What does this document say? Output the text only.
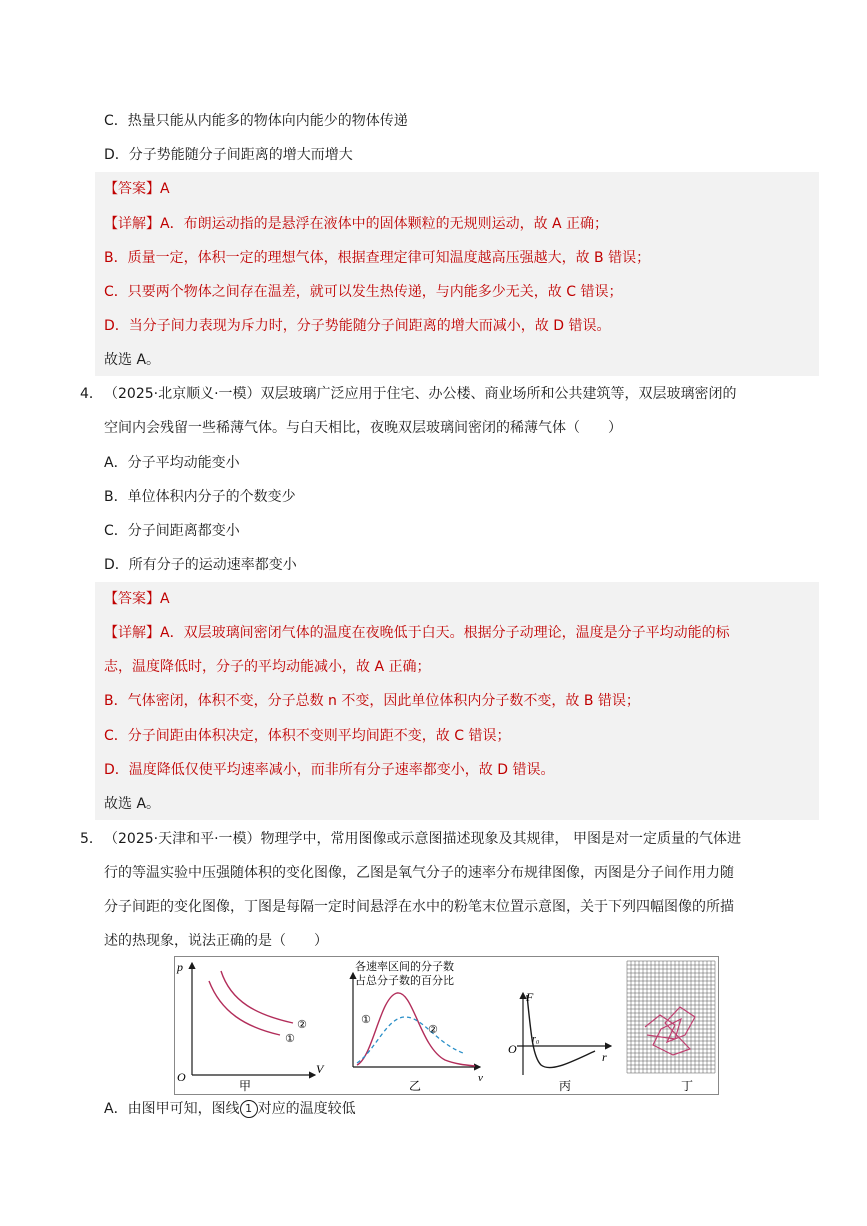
C．热量只能从内能多的物体向内能少的物体传递
D．分子势能随分子间距离的增大而增大
【答案】A
【详解】A．布朗运动指的是悬浮在液体中的固体颗粒的无规则运动，故 A 正确；
B．质量一定，体积一定的理想气体，根据查理定律可知温度越高压强越大，故 B 错误；
C．只要两个物体之间存在温差，就可以发生热传递，与内能多少无关，故 C 错误；
D．当分子间力表现为斥力时，分子势能随分子间距离的增大而减小，故 D 错误。
故选 A。
4． （2025·北京顺义·一模）双层玻璃广泛应用于住宅、办公楼、商业场所和公共建筑等，双层玻璃密闭的
空间内会残留一些稀薄气体。与白天相比，夜晚双层玻璃间密闭的稀薄气体（　　）
A．分子平均动能变小
B．单位体积内分子的个数变少
C．分子间距离都变小
D．所有分子的运动速率都变小
【答案】A
【详解】A．双层玻璃间密闭气体的温度在夜晚低于白天。根据分子动理论，温度是分子平均动能的标
志，温度降低时，分子的平均动能减小，故 A 正确；
B．气体密闭，体积不变，分子总数 n 不变，因此单位体积内分子数不变，故 B 错误；
C．分子间距由体积决定，体积不变则平均间距不变，故 C 错误；
D．温度降低仅使平均速率减小，而非所有分子速率都变小，故 D 错误。
故选 A。
5． （2025·天津和平·一模）物理学中，常用图像或示意图描述现象及其规律， 甲图是对一定质量的气体进
行的等温实验中压强随体积的变化图像，乙图是氧气分子的速率分布规律图像，丙图是分子间作用力随
分子间距的变化图像，丁图是每隔一定时间悬浮在水中的粉笔末位置示意图，关于下列四幅图像的所描
述的热现象，说法正确的是（　　）
p
V
O
①
②
甲
各速率区间的分子数
占总分子数的百分比
①
②
v
乙
F
O
r₀
r
丙	丁
A．由图甲可知，图线 1 对应的温度较低
